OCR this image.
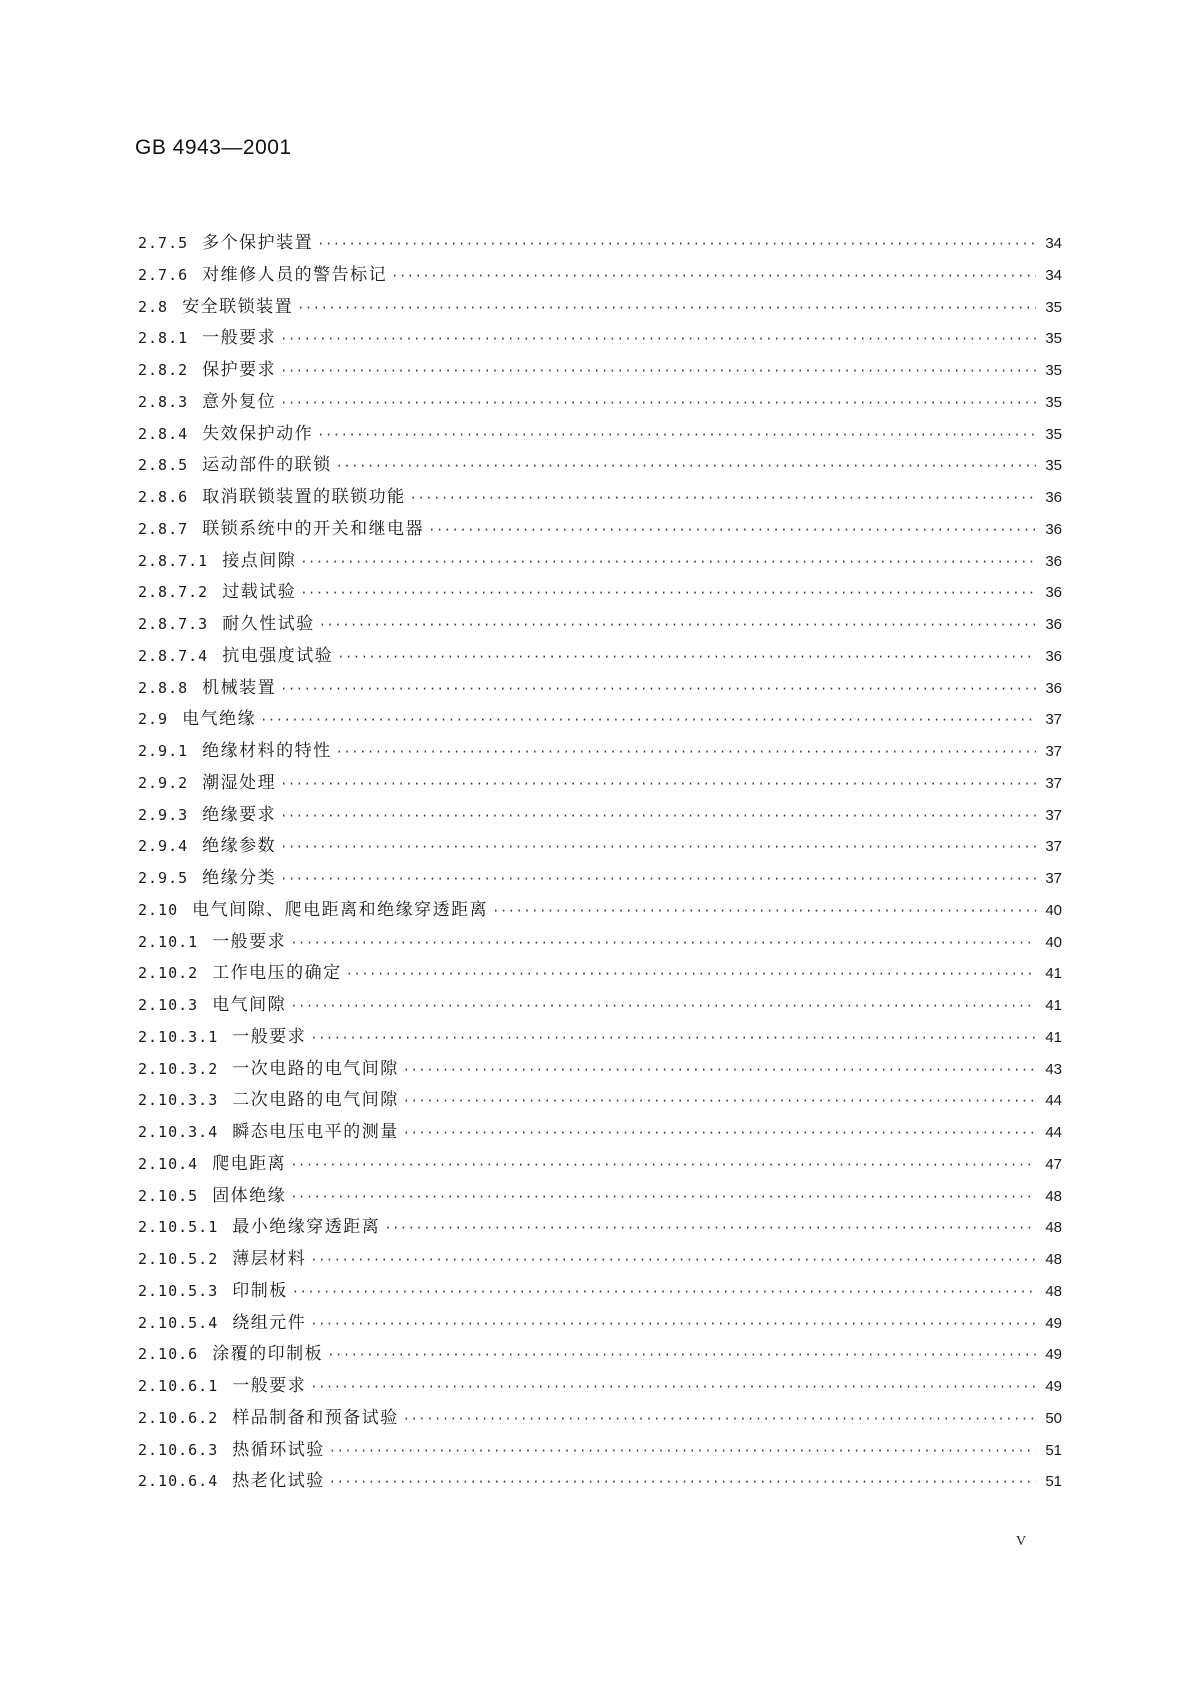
GB 4943—2001
2.7.5 多个保护装置 ·····	34
2.7.6 对维修人员的警告标记 ·····	34
2.8 安全联锁装置 ·····	35
2.8.1 一般要求 ·····	35
2.8.2 保护要求 ·····	35
2.8.3 意外复位 ·····	35
2.8.4 失效保护动作 ·····	35
2.8.5 运动部件的联锁 ·····	35
2.8.6 取消联锁装置的联锁功能 ·····	36
2.8.7 联锁系统中的开关和继电器 ·····	36
2.8.7.1 接点间隙 ·····	36
2.8.7.2 过载试验 ·····	36
2.8.7.3 耐久性试验 ·····	36
2.8.7.4 抗电强度试验 ·····	36
2.8.8 机械装置 ·····	36
2.9 电气绝缘 ·····	37
2.9.1 绝缘材料的特性 ·····	37
2.9.2 潮湿处理 ·····	37
2.9.3 绝缘要求 ·····	37
2.9.4 绝缘参数 ·····	37
2.9.5 绝缘分类 ·····	37
2.10 电气间隙、爬电距离和绝缘穿透距离 ·····	40
2.10.1 一般要求 ·····	40
2.10.2 工作电压的确定 ·····	41
2.10.3 电气间隙 ·····	41
2.10.3.1 一般要求 ·····	41
2.10.3.2 一次电路的电气间隙 ·····	43
2.10.3.3 二次电路的电气间隙 ·····	44
2.10.3.4 瞬态电压电平的测量 ·····	44
2.10.4 爬电距离 ·····	47
2.10.5 固体绝缘 ·····	48
2.10.5.1 最小绝缘穿透距离 ·····	48
2.10.5.2 薄层材料 ·····	48
2.10.5.3 印制板 ·····	48
2.10.5.4 绕组元件 ·····	49
2.10.6 涂覆的印制板 ·····	49
2.10.6.1 一般要求 ·····	49
2.10.6.2 样品制备和预备试验 ·····	50
2.10.6.3 热循环试验 ·····	51
2.10.6.4 热老化试验 ·····	51
V
